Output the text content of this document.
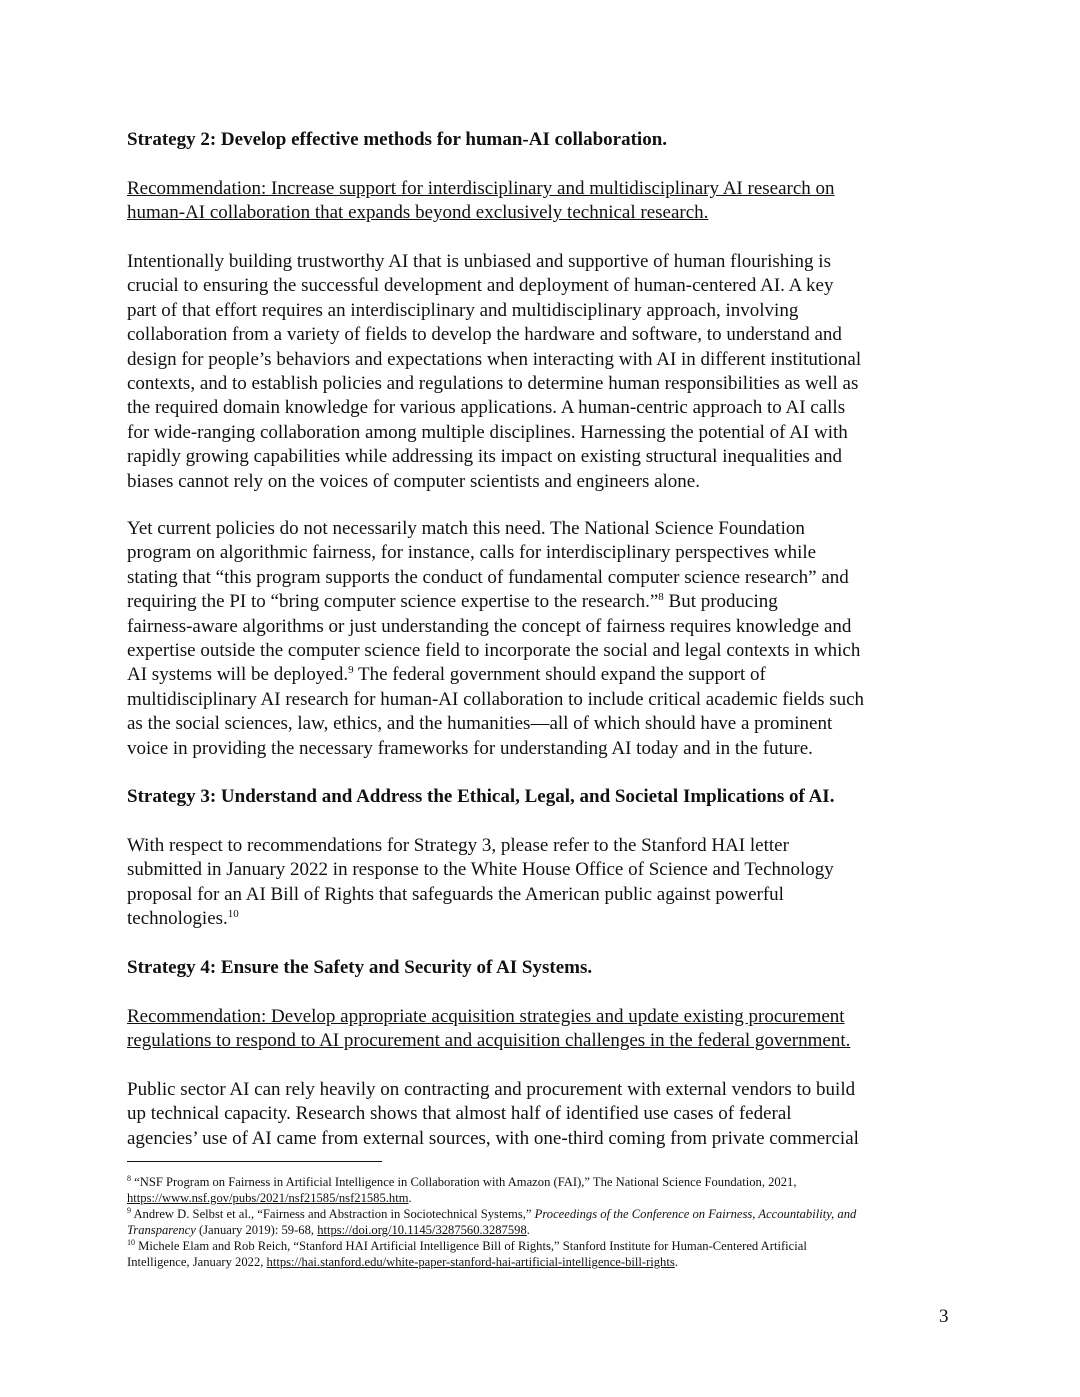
Strategy 2: Develop effective methods for human-AI collaboration.
Recommendation: Increase support for interdisciplinary and multidisciplinary AI research on
human-AI collaboration that expands beyond exclusively technical research.
Intentionally building trustworthy AI that is unbiased and supportive of human flourishing is
crucial to ensuring the successful development and deployment of human-centered AI. A key
part of that effort requires an interdisciplinary and multidisciplinary approach, involving
collaboration from a variety of fields to develop the hardware and software, to understand and
design for people’s behaviors and expectations when interacting with AI in different institutional
contexts, and to establish policies and regulations to determine human responsibilities as well as
the required domain knowledge for various applications. A human-centric approach to AI calls
for wide-ranging collaboration among multiple disciplines. Harnessing the potential of AI with
rapidly growing capabilities while addressing its impact on existing structural inequalities and
biases cannot rely on the voices of computer scientists and engineers alone.
Yet current policies do not necessarily match this need. The National Science Foundation
program on algorithmic fairness, for instance, calls for interdisciplinary perspectives while
stating that “this program supports the conduct of fundamental computer science research” and
requiring the PI to “bring computer science expertise to the research.”$^8$ But producing
fairness-aware algorithms or just understanding the concept of fairness requires knowledge and
expertise outside the computer science field to incorporate the social and legal contexts in which
AI systems will be deployed.$^9$ The federal government should expand the support of
multidisciplinary AI research for human-AI collaboration to include critical academic fields such
as the social sciences, law, ethics, and the humanities—all of which should have a prominent
voice in providing the necessary frameworks for understanding AI today and in the future.
Strategy 3: Understand and Address the Ethical, Legal, and Societal Implications of AI.
With respect to recommendations for Strategy 3, please refer to the Stanford HAI letter
submitted in January 2022 in response to the White House Office of Science and Technology
proposal for an AI Bill of Rights that safeguards the American public against powerful
technologies.$^{10}$
Strategy 4: Ensure the Safety and Security of AI Systems.
Recommendation: Develop appropriate acquisition strategies and update existing procurement
regulations to respond to AI procurement and acquisition challenges in the federal government.
Public sector AI can rely heavily on contracting and procurement with external vendors to build
up technical capacity. Research shows that almost half of identified use cases of federal
agencies’ use of AI came from external sources, with one-third coming from private commercial
$^8$ “NSF Program on Fairness in Artificial Intelligence in Collaboration with Amazon (FAI),” The National Science Foundation, 2021,
https://www.nsf.gov/pubs/2021/nsf21585/nsf21585.htm.
$^9$ Andrew D. Selbst et al., “Fairness and Abstraction in Sociotechnical Systems,” Proceedings of the Conference on Fairness, Accountability, and
Transparency (January 2019): 59-68, https://doi.org/10.1145/3287560.3287598.
$^{10}$ Michele Elam and Rob Reich, “Stanford HAI Artificial Intelligence Bill of Rights,” Stanford Institute for Human-Centered Artificial
Intelligence, January 2022, https://hai.stanford.edu/white-paper-stanford-hai-artificial-intelligence-bill-rights.
3
